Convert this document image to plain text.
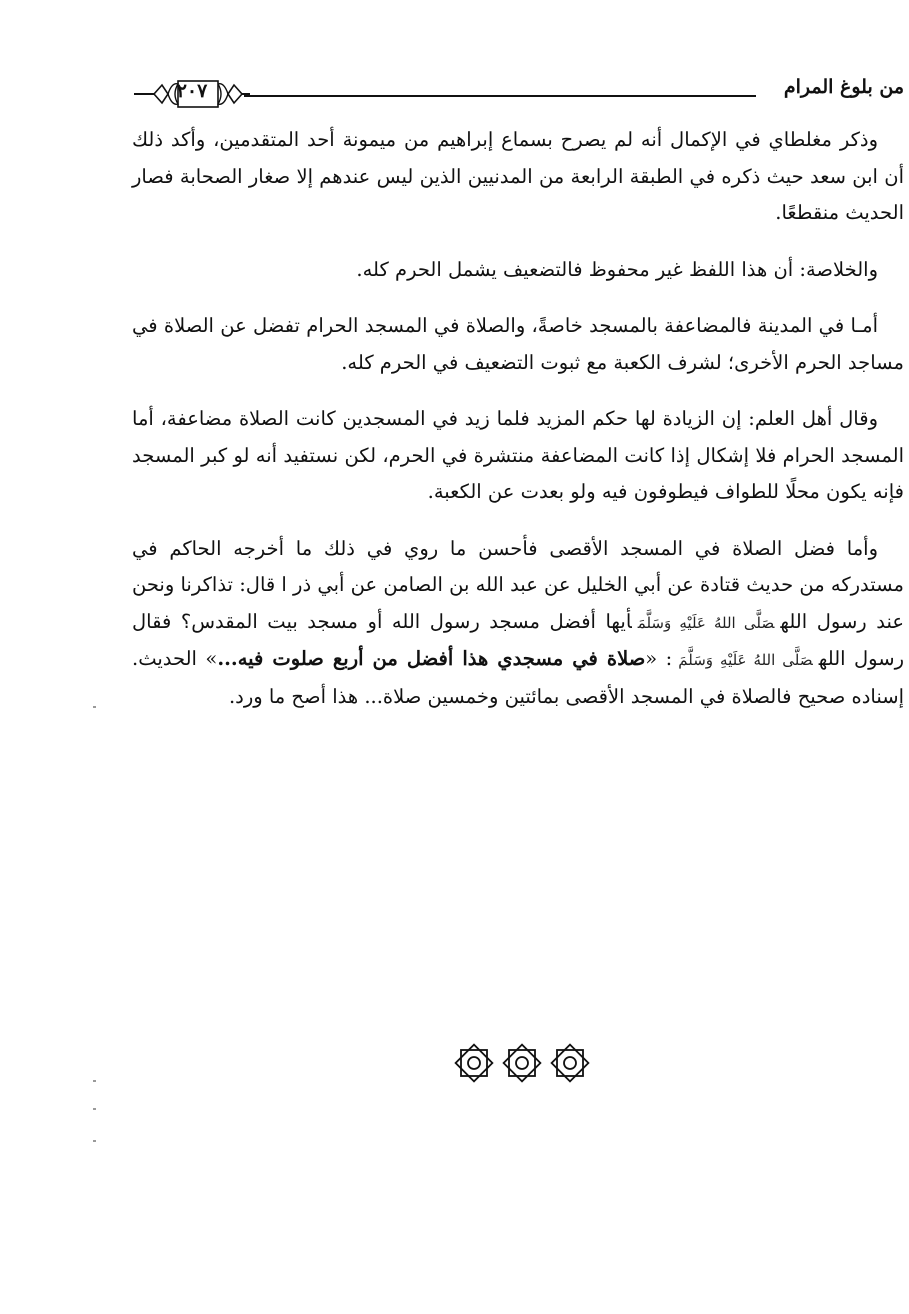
من بلوغ المرام
٢٠٧

وذكر مغلطاي في الإكمال أنه لم يصرح بسماع إبراهيم من ميمونة أحد المتقدمين، وأكد ذلك أن ابن سعد حيث ذكره في الطبقة الرابعة من المدنيين الذين ليس عندهم إلا صغار الصحابة فصار الحديث منقطعًا.

والخلاصة: أن هذا اللفظ غير محفوظ فالتضعيف يشمل الحرم كله.

أمـا في المدينة فالمضاعفة بالمسجد خاصةً، والصلاة في المسجد الحرام تفضل عن الصلاة في مساجد الحرم الأخرى؛ لشرف الكعبة مع ثبوت التضعيف في الحرم كله.

وقال أهل العلم: إن الزيادة لها حكم المزيد فلما زيد في المسجدين كانت الصلاة مضاعفة، أما المسجد الحرام فلا إشكال إذا كانت المضاعفة منتشرة في الحرم، لكن نستفيد أنه لو كبر المسجد فإنه يكون محلًا للطواف فيطوفون فيه ولو بعدت عن الكعبة.

وأما فضل الصلاة في المسجد الأقصى فأحسن ما روي في ذلك ما أخرجه الحاكم في مستدركه من حديث قتادة عن أبي الخليل عن عبد الله بن الصامن عن أبي ذر ا قال: تذاكرنا ونحن عند رسول اللهصَلَّى اللهُ عَلَيْهِ وَسَلَّمَأيها أفضل مسجد رسول الله أو مسجد بيت المقدس؟ فقال رسول اللهصَلَّى اللهُ عَلَيْهِ وَسَلَّمَ: «صلاة في مسجدي هذا أفضل من أربع صلوت فيه...» الحديث. إسناده صحيح فالصلاة في المسجد الأقصى بمائتين وخمسين صلاة... هذا أصح ما ورد.
